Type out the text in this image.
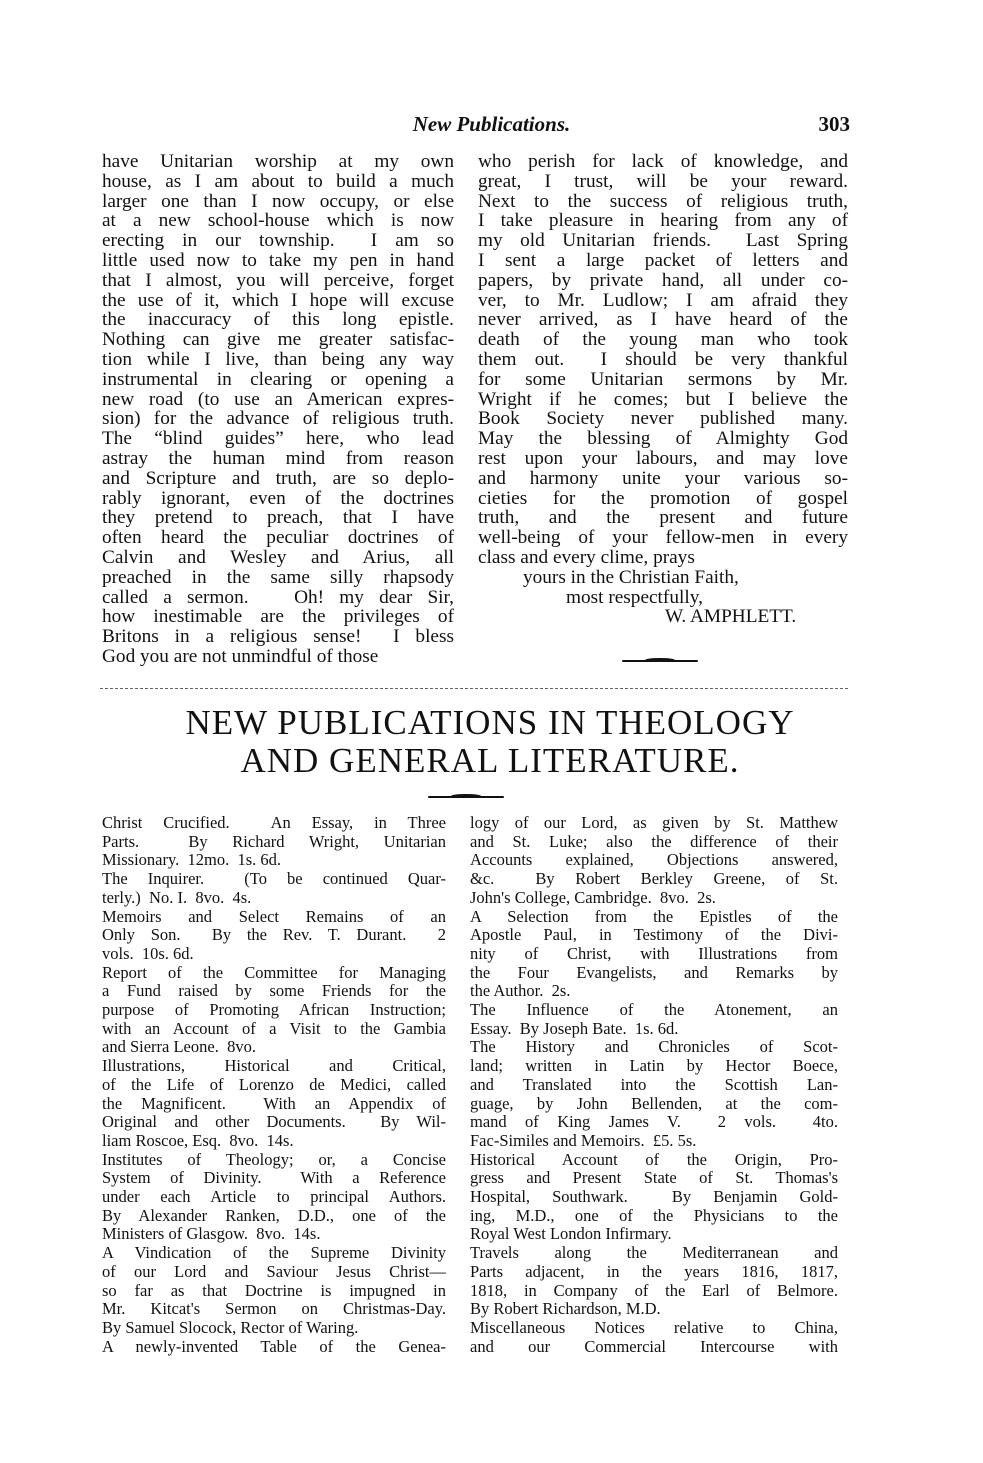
New Publications.	303
have Unitarian worship at my own
house, as I am about to build a much
larger one than I now occupy, or else
at a new school-house which is now
erecting in our township.  I am so
little used now to take my pen in hand
that I almost, you will perceive, forget
the use of it, which I hope will excuse
the inaccuracy of this long epistle.
Nothing can give me greater satisfac-
tion while I live, than being any way
instrumental in clearing or opening a
new road (to use an American expres-
sion) for the advance of religious truth.
The “blind guides” here, who lead
astray the human mind from reason
and Scripture and truth, are so deplo-
rably ignorant, even of the doctrines
they pretend to preach, that I have
often heard the peculiar doctrines of
Calvin and Wesley and Arius, all
preached in the same silly rhapsody
called a sermon.   Oh! my dear Sir,
how inestimable are the privileges of
Britons in a religious sense!  I bless
God you are not unmindful of those
who perish for lack of knowledge, and
great, I trust, will be your reward.
Next to the success of religious truth,
I take pleasure in hearing from any of
my old Unitarian friends.  Last Spring
I sent a large packet of letters and
papers, by private hand, all under co-
ver, to Mr. Ludlow; I am afraid they
never arrived, as I have heard of the
death of the young man who took
them out.  I should be very thankful
for some Unitarian sermons by Mr.
Wright if he comes; but I believe the
Book Society never published many.
May the blessing of Almighty God
rest upon your labours, and may love
and harmony unite your various so-
cieties for the promotion of gospel
truth, and the present and future
well-being of your fellow-men in every
class and every clime, prays
yours in the Christian Faith,
most respectfully,
W. AMPHLETT.
NEW PUBLICATIONS IN THEOLOGY
AND GENERAL LITERATURE.
Christ Crucified.  An Essay, in Three
Parts.  By Richard Wright, Unitarian
Missionary.  12mo.  1s. 6d.
The Inquirer.  (To be continued Quar-
terly.)  No. I.  8vo.  4s.
Memoirs and Select Remains of an
Only Son.  By the Rev. T. Durant.  2
vols.  10s. 6d.
Report of the Committee for Managing
a Fund raised by some Friends for the
purpose of Promoting African Instruction;
with an Account of a Visit to the Gambia
and Sierra Leone.  8vo.
Illustrations, Historical and Critical,
of the Life of Lorenzo de Medici, called
the Magnificent.  With an Appendix of
Original and other Documents.  By Wil-
liam Roscoe, Esq.  8vo.  14s.
Institutes of Theology; or, a Concise
System of Divinity.  With a Reference
under each Article to principal Authors.
By Alexander Ranken, D.D., one of the
Ministers of Glasgow.  8vo.  14s.
A Vindication of the Supreme Divinity
of our Lord and Saviour Jesus Christ—
so far as that Doctrine is impugned in
Mr. Kitcat's Sermon on Christmas-Day.
By Samuel Slocock, Rector of Waring.
A newly-invented Table of the Genea-
logy of our Lord, as given by St. Matthew
and St. Luke; also the difference of their
Accounts explained, Objections answered,
&c.  By Robert Berkley Greene, of St.
John's College, Cambridge.  8vo.  2s.
A Selection from the Epistles of the
Apostle Paul, in Testimony of the Divi-
nity of Christ, with Illustrations from
the Four Evangelists, and Remarks by
the Author.  2s.
The Influence of the Atonement, an
Essay.  By Joseph Bate.  1s. 6d.
The History and Chronicles of Scot-
land; written in Latin by Hector Boece,
and Translated into the Scottish Lan-
guage, by John Bellenden, at the com-
mand of King James V.  2 vols.  4to.
Fac-Similes and Memoirs.  £5. 5s.
Historical Account of the Origin, Pro-
gress and Present State of St. Thomas's
Hospital, Southwark.  By Benjamin Gold-
ing, M.D., one of the Physicians to the
Royal West London Infirmary.
Travels along the Mediterranean and
Parts adjacent, in the years 1816, 1817,
1818, in Company of the Earl of Belmore.
By Robert Richardson, M.D.
Miscellaneous Notices relative to China,
and our Commercial Intercourse with
